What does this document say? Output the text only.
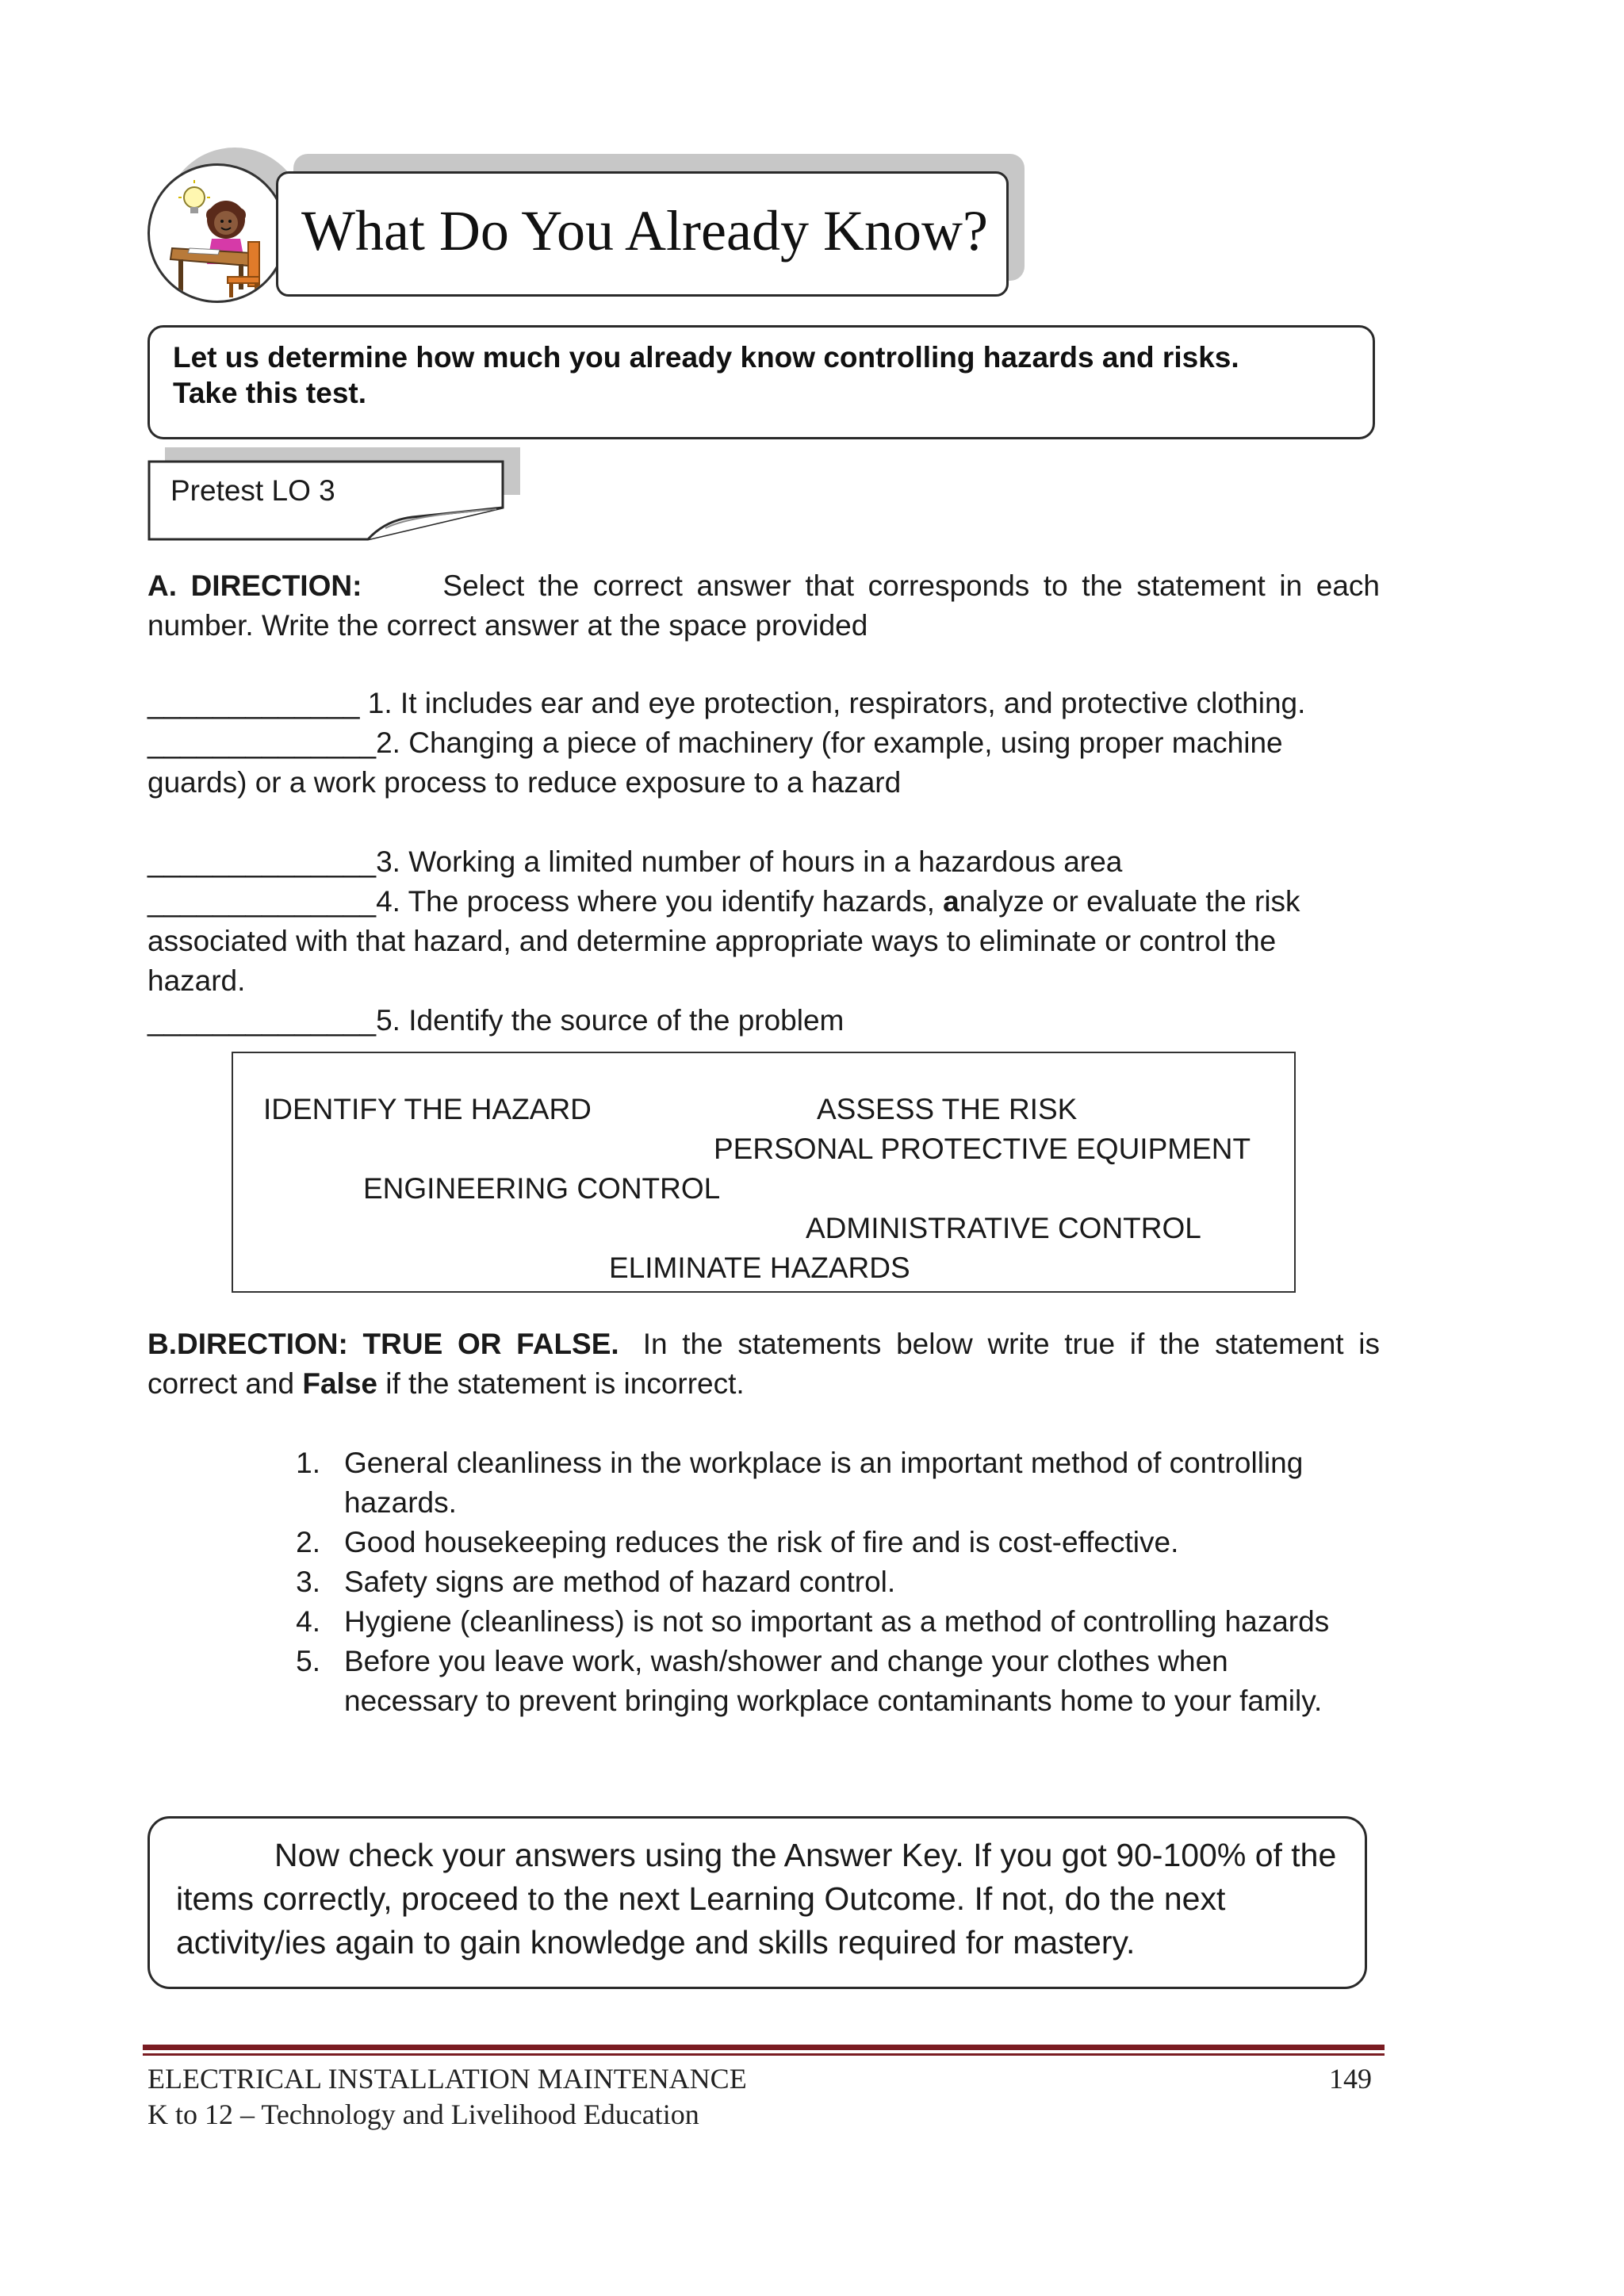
What Do You Already Know?
Let us determine how much you already know controlling hazards and risks.
Take this test.
Pretest LO 3
A. DIRECTION:	Select the correct answer that corresponds to the statement in each number. Write the correct answer at the space provided
_____________ 1. It includes ear and eye protection, respirators, and protective clothing.
______________2. Changing a piece of machinery (for example, using proper machine
guards) or a work process to reduce exposure to a hazard
______________3. Working a limited number of hours in a hazardous area
______________4. The process where you identify hazards, analyze or evaluate the risk
associated with that hazard, and determine appropriate ways to eliminate or control the
hazard.
______________5. Identify the source of the problem
IDENTIFY THE HAZARD	ASSESS THE RISK
PERSONAL PROTECTIVE EQUIPMENT
ENGINEERING CONTROL
ADMINISTRATIVE CONTROL
ELIMINATE HAZARDS
B.DIRECTION: TRUE OR FALSE. In the statements below write true if the statement is correct and False if the statement is incorrect.
1. General cleanliness in the workplace is an important method of controlling
hazards.
2. Good housekeeping reduces the risk of fire and is cost-effective.
3. Safety signs are method of hazard control.
4. Hygiene (cleanliness) is not so important as a method of controlling hazards
5. Before you leave work, wash/shower and change your clothes when
necessary to prevent bringing workplace contaminants home to your family.
Now check your answers using the Answer Key. If you got 90-100% of the items correctly, proceed to the next Learning Outcome. If not, do the next activity/ies again to gain knowledge and skills required for mastery.
ELECTRICAL INSTALLATION MAINTENANCE	149
K to 12 – Technology and Livelihood Education
